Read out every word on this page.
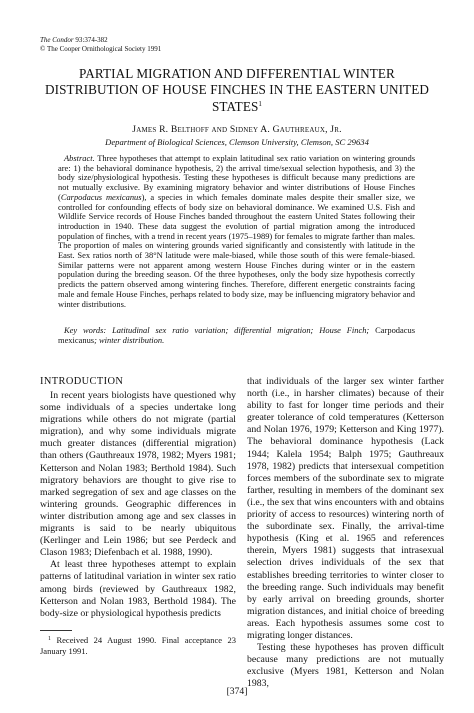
The Condor 93:374-382
© The Cooper Ornithological Society 1991
PARTIAL MIGRATION AND DIFFERENTIAL WINTER DISTRIBUTION OF HOUSE FINCHES IN THE EASTERN UNITED STATES$^1$
James R. Belthoff and Sidney A. Gauthreaux, Jr.
Department of Biological Sciences, Clemson University, Clemson, SC 29634
Abstract. Three hypotheses that attempt to explain latitudinal sex ratio variation on wintering grounds are: 1) the behavioral dominance hypothesis, 2) the arrival time/sexual selection hypothesis, and 3) the body size/physiological hypothesis. Testing these hypotheses is difficult because many predictions are not mutually exclusive. By examining migratory behavior and winter distributions of House Finches (Carpodacus mexicanus), a species in which females dominate males despite their smaller size, we controlled for confounding effects of body size on behavioral dominance. We examined U.S. Fish and Wildlife Service records of House Finches banded throughout the eastern United States following their introduction in 1940. These data suggest the evolution of partial migration among the introduced population of finches, with a trend in recent years (1975–1989) for females to migrate farther than males. The proportion of males on wintering grounds varied significantly and consistently with latitude in the East. Sex ratios north of 38°N latitude were male-biased, while those south of this were female-biased. Similar patterns were not apparent among western House Finches during winter or in the eastern population during the breeding season. Of the three hypotheses, only the body size hypothesis correctly predicts the pattern observed among wintering finches. Therefore, different energetic constraints facing male and female House Finches, perhaps related to body size, may be influencing migratory behavior and winter distributions.
Key words: Latitudinal sex ratio variation; differential migration; House Finch; Carpodacus mexicanus; winter distribution.
INTRODUCTION

In recent years biologists have questioned why some individuals of a species undertake long migrations while others do not migrate (partial migration), and why some individuals migrate much greater distances (differential migration) than others (Gauthreaux 1978, 1982; Myers 1981; Ketterson and Nolan 1983; Berthold 1984). Such migratory behaviors are thought to give rise to marked segregation of sex and age classes on the wintering grounds. Geographic differences in winter distribution among age and sex classes in migrants is said to be nearly ubiquitous (Kerlinger and Lein 1986; but see Perdeck and Clason 1983; Diefenbach et al. 1988, 1990).

At least three hypotheses attempt to explain patterns of latitudinal variation in winter sex ratio among birds (reviewed by Gauthreaux 1982, Ketterson and Nolan 1983, Berthold 1984). The body-size or physiological hypothesis predicts

that individuals of the larger sex winter farther north (i.e., in harsher climates) because of their ability to fast for longer time periods and their greater tolerance of cold temperatures (Ketterson and Nolan 1976, 1979; Ketterson and King 1977). The behavioral dominance hypothesis (Lack 1944; Kalela 1954; Balph 1975; Gauthreaux 1978, 1982) predicts that intersexual competition forces members of the subordinate sex to migrate farther, resulting in members of the dominant sex (i.e., the sex that wins encounters with and obtains priority of access to resources) wintering north of the subordinate sex. Finally, the arrival-time hypothesis (King et al. 1965 and references therein, Myers 1981) suggests that intrasexual selection drives individuals of the sex that establishes breeding territories to winter closer to the breeding range. Such individuals may benefit by early arrival on breeding grounds, shorter migration distances, and initial choice of breeding areas. Each hypothesis assumes some cost to migrating longer distances.

Testing these hypotheses has proven difficult because many predictions are not mutually exclusive (Myers 1981, Ketterson and Nolan 1983,

$^1$ Received 24 August 1990. Final acceptance 23 January 1991.
[374]
